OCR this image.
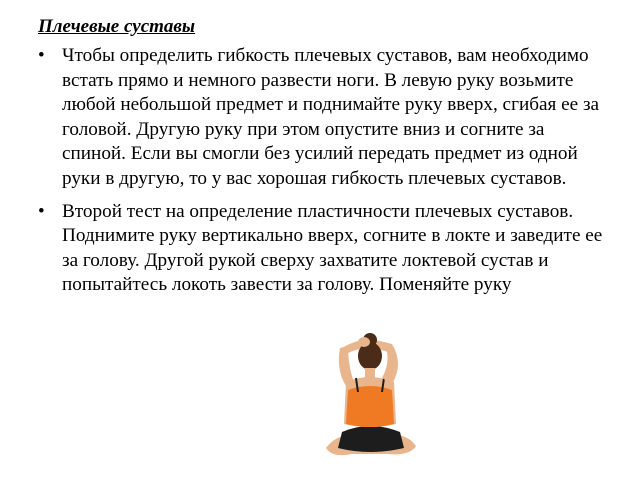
Плечевые суставы
• Чтобы определить гибкость плечевых суставов, вам необходимо встать прямо и немного развести ноги. В левую руку возьмите любой небольшой предмет и поднимайте руку вверх, сгибая ее за головой. Другую руку при этом опустите вниз и согните за спиной. Если вы смогли без усилий передать предмет из одной руки в другую, то у вас хорошая гибкость плечевых суставов.
• Второй тест на определение пластичности плечевых суставов. Поднимите руку вертикально вверх, согните в локте и заведите ее за голову. Другой рукой сверху захватите локтевой сустав и попытайтесь локоть завести за голову. Поменяйте руку
